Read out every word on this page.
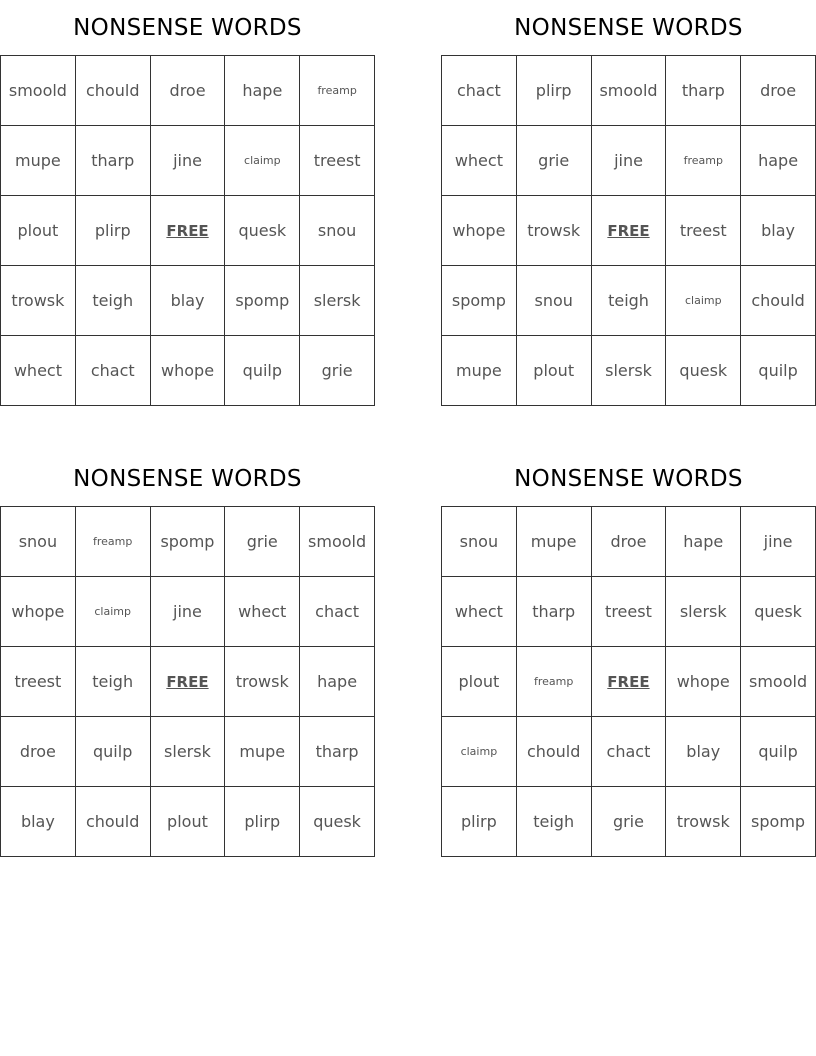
NONSENSE WORDS
smoold	chould	droe	hape	freamp
mupe	tharp	jine	claimp	treest
plout	plirp	FREE	quesk	snou
trowsk	teigh	blay	spomp	slersk
whect	chact	whope	quilp	grie
NONSENSE WORDS
chact	plirp	smoold	tharp	droe
whect	grie	jine	freamp	hape
whope	trowsk	FREE	treest	blay
spomp	snou	teigh	claimp	chould
mupe	plout	slersk	quesk	quilp
NONSENSE WORDS
snou	freamp	spomp	grie	smoold
whope	claimp	jine	whect	chact
treest	teigh	FREE	trowsk	hape
droe	quilp	slersk	mupe	tharp
blay	chould	plout	plirp	quesk
NONSENSE WORDS
snou	mupe	droe	hape	jine
whect	tharp	treest	slersk	quesk
plout	freamp	FREE	whope	smoold
claimp	chould	chact	blay	quilp
plirp	teigh	grie	trowsk	spomp
